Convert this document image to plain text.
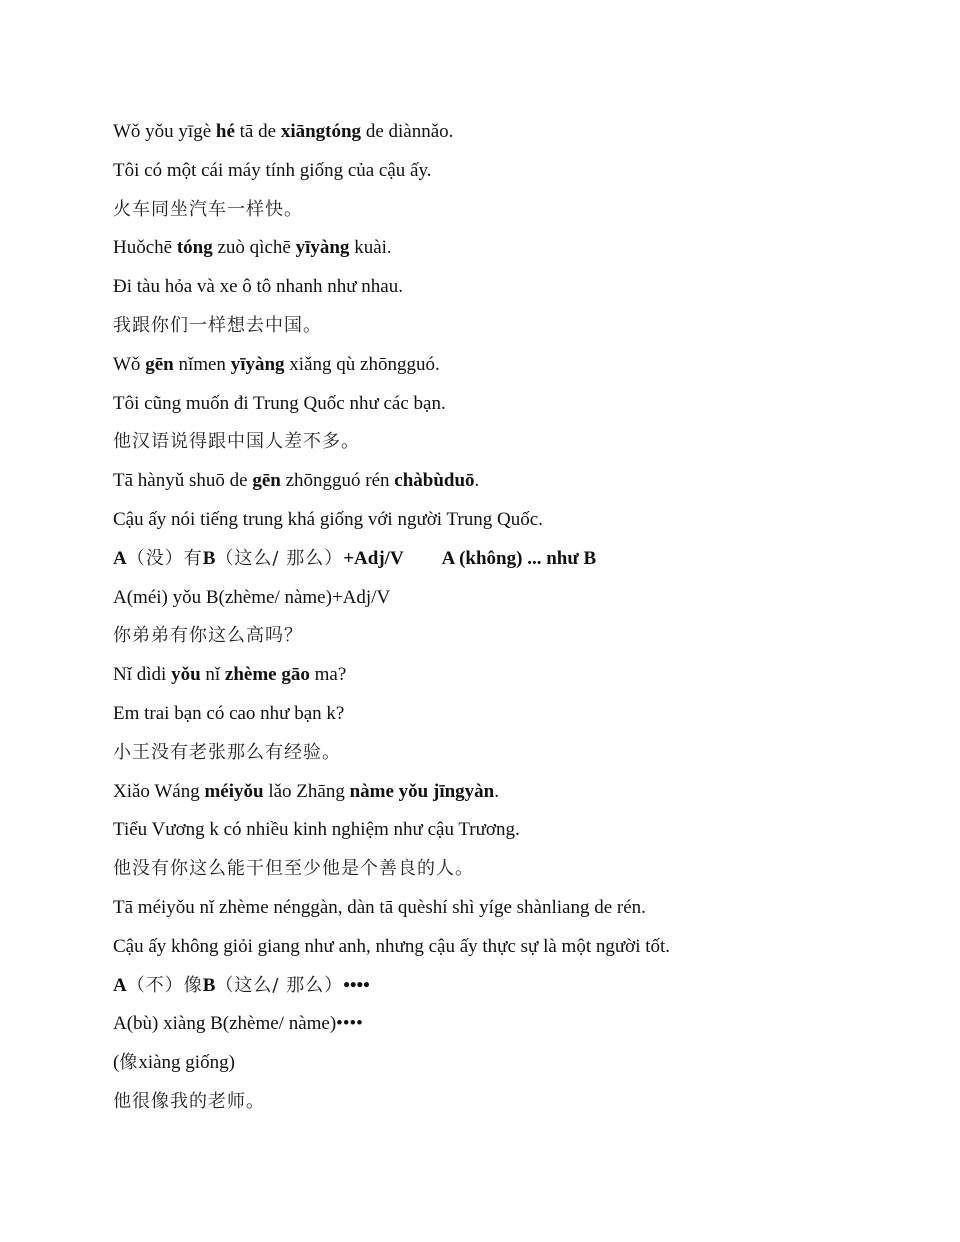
Wǒ yǒu yīgè hé tā de xiāngtóng de diànnǎo.
Tôi có một cái máy tính giống của cậu ấy.
火车同坐汽车一样快。
Huǒchē tóng zuò qìchē yīyàng kuài.
Đi tàu hỏa và xe ô tô nhanh như nhau.
我跟你们一样想去中国。
Wǒ gēn nǐmen yīyàng xiǎng qù zhōngguó.
Tôi cũng muốn đi Trung Quốc như các bạn.
他汉语说得跟中国人差不多。
Tā hànyǔ shuō de gēn zhōngguó rén chàbùduō.
Cậu ấy nói tiếng trung khá giống với người Trung Quốc.
A（没）有B（这么/ 那么）+Adj/V A (không) ... như B
A(méi) yǒu B(zhème/ nàme)+Adj/V
你弟弟有你这么高吗？
Nǐ dìdi yǒu nǐ zhème gāo ma?
Em trai bạn có cao như bạn k?
小王没有老张那么有经验。
Xiǎo Wáng méiyǒu lǎo Zhāng nàme yǒu jīngyàn.
Tiểu Vương k có nhiều kinh nghiệm như cậu Trương.
他没有你这么能干但至少他是个善良的人。
Tā méiyǒu nǐ zhème nénggàn, dàn tā quèshí shì yíge shànliang de rén.
Cậu ấy không giỏi giang như anh, nhưng cậu ấy thực sự là một người tốt.
A（不）像B（这么/ 那么）••••
A(bù) xiàng B(zhème/ nàme)••••
(像xiàng giống)
他很像我的老师。
